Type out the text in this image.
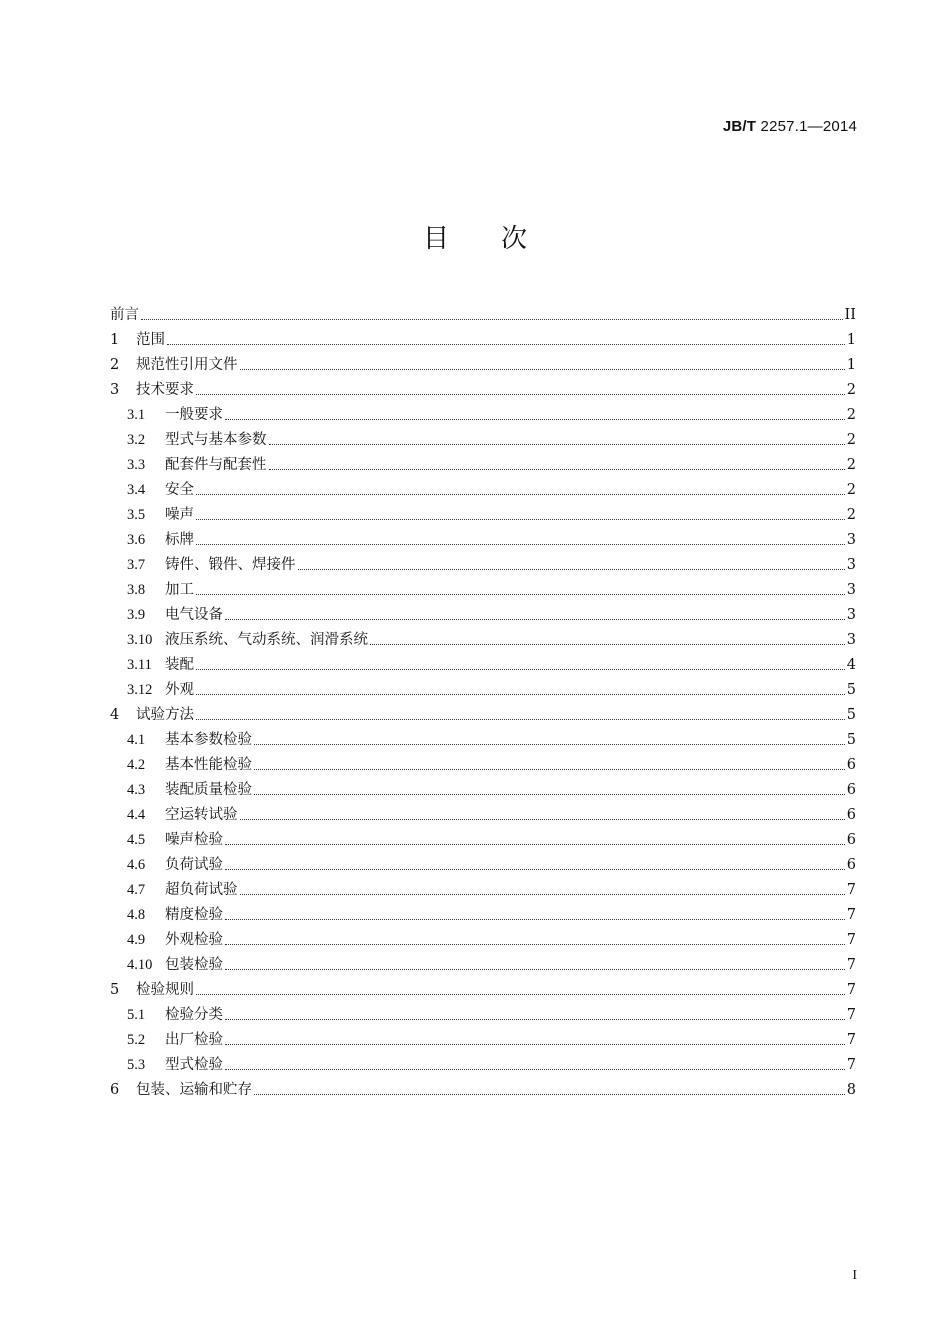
JB/T 2257.1—2014
目次
前言	II
1	范围	1
2	规范性引用文件	1
3	技术要求	2
3.1	一般要求	2
3.2	型式与基本参数	2
3.3	配套件与配套性	2
3.4	安全	2
3.5	噪声	2
3.6	标牌	3
3.7	铸件、锻件、焊接件	3
3.8	加工	3
3.9	电气设备	3
3.10 液压系统、气动系统、润滑系统	3
3.11 装配	4
3.12 外观	5
4	试验方法	5
4.1	基本参数检验	5
4.2	基本性能检验	6
4.3	装配质量检验	6
4.4	空运转试验	6
4.5	噪声检验	6
4.6	负荷试验	6
4.7	超负荷试验	7
4.8	精度检验	7
4.9	外观检验	7
4.10 包装检验	7
5	检验规则	7
5.1	检验分类	7
5.2	出厂检验	7
5.3	型式检验	7
6	包装、运输和贮存	8
I
